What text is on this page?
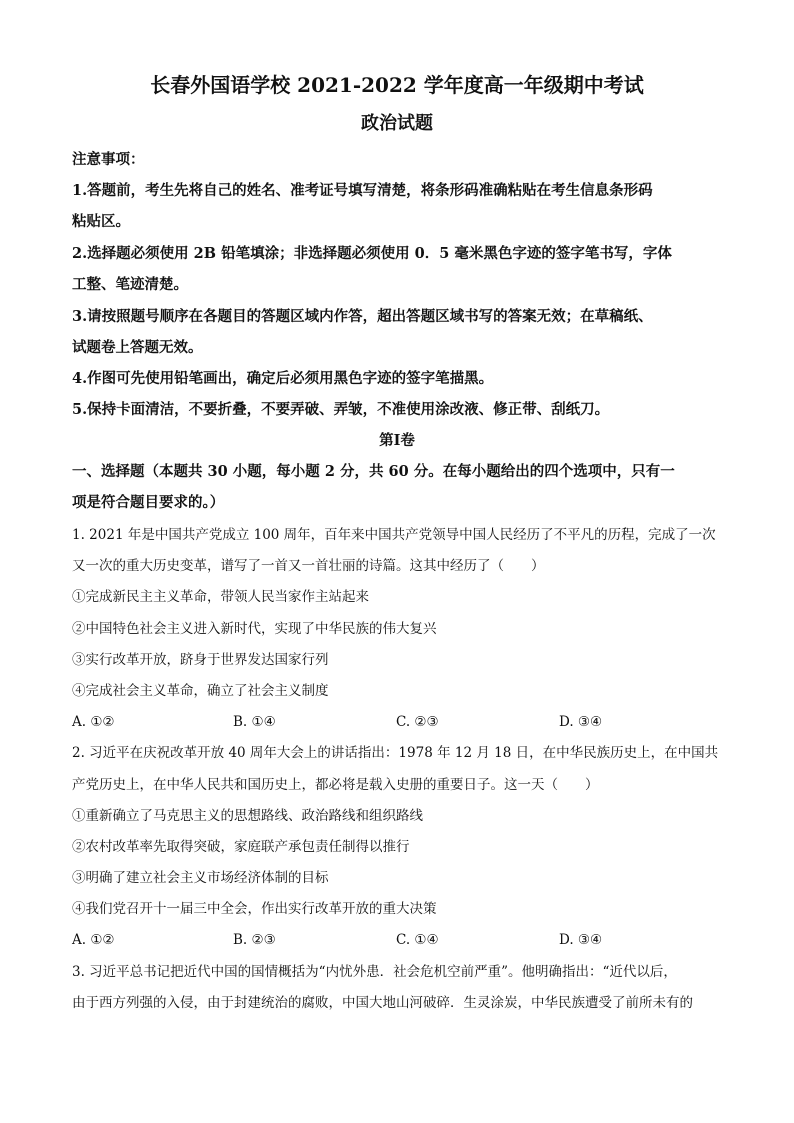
长春外国语学校 2021-2022 学年度高一年级期中考试
政治试题
注意事项：
1.答题前，考生先将自己的姓名、准考证号填写清楚，将条形码准确粘贴在考生信息条形码
粘贴区。
2.选择题必须使用 2B 铅笔填涂；非选择题必须使用 0．5 毫米黑色字迹的签字笔书写，字体
工整、笔迹清楚。
3.请按照题号顺序在各题目的答题区域内作答，超出答题区域书写的答案无效；在草稿纸、
试题卷上答题无效。
4.作图可先使用铅笔画出，确定后必须用黑色字迹的签字笔描黑。
5.保持卡面清洁，不要折叠，不要弄破、弄皱，不准使用涂改液、修正带、刮纸刀。
第Ⅰ卷
一、选择题（本题共 30 小题，每小题 2 分，共 60 分。在每小题给出的四个选项中，只有一
项是符合题目要求的。）
1. 2021 年是中国共产党成立 100 周年，百年来中国共产党领导中国人民经历了不平凡的历程，完成了一次
又一次的重大历史变革，谱写了一首又一首壮丽的诗篇。这其中经历了（　　）
①完成新民主主义革命，带领人民当家作主站起来
②中国特色社会主义进入新时代，实现了中华民族的伟大复兴
③实行改革开放，跻身于世界发达国家行列
④完成社会主义革命，确立了社会主义制度
A. ①②	B. ①④	C. ②③	D. ③④
2. 习近平在庆祝改革开放 40 周年大会上的讲话指出：1978 年 12 月 18 日，在中华民族历史上，在中国共
产党历史上，在中华人民共和国历史上，都必将是载入史册的重要日子。这一天（　　）
①重新确立了马克思主义的思想路线、政治路线和组织路线
②农村改革率先取得突破，家庭联产承包责任制得以推行
③明确了建立社会主义市场经济体制的目标
④我们党召开十一届三中全会，作出实行改革开放的重大决策
A. ①②	B. ②③	C. ①④	D. ③④
3. 习近平总书记把近代中国的国情概括为“内忧外患．社会危机空前严重”。他明确指出：“近代以后，
由于西方列强的入侵，由于封建统治的腐败，中国大地山河破碎．生灵涂炭，中华民族遭受了前所未有的
